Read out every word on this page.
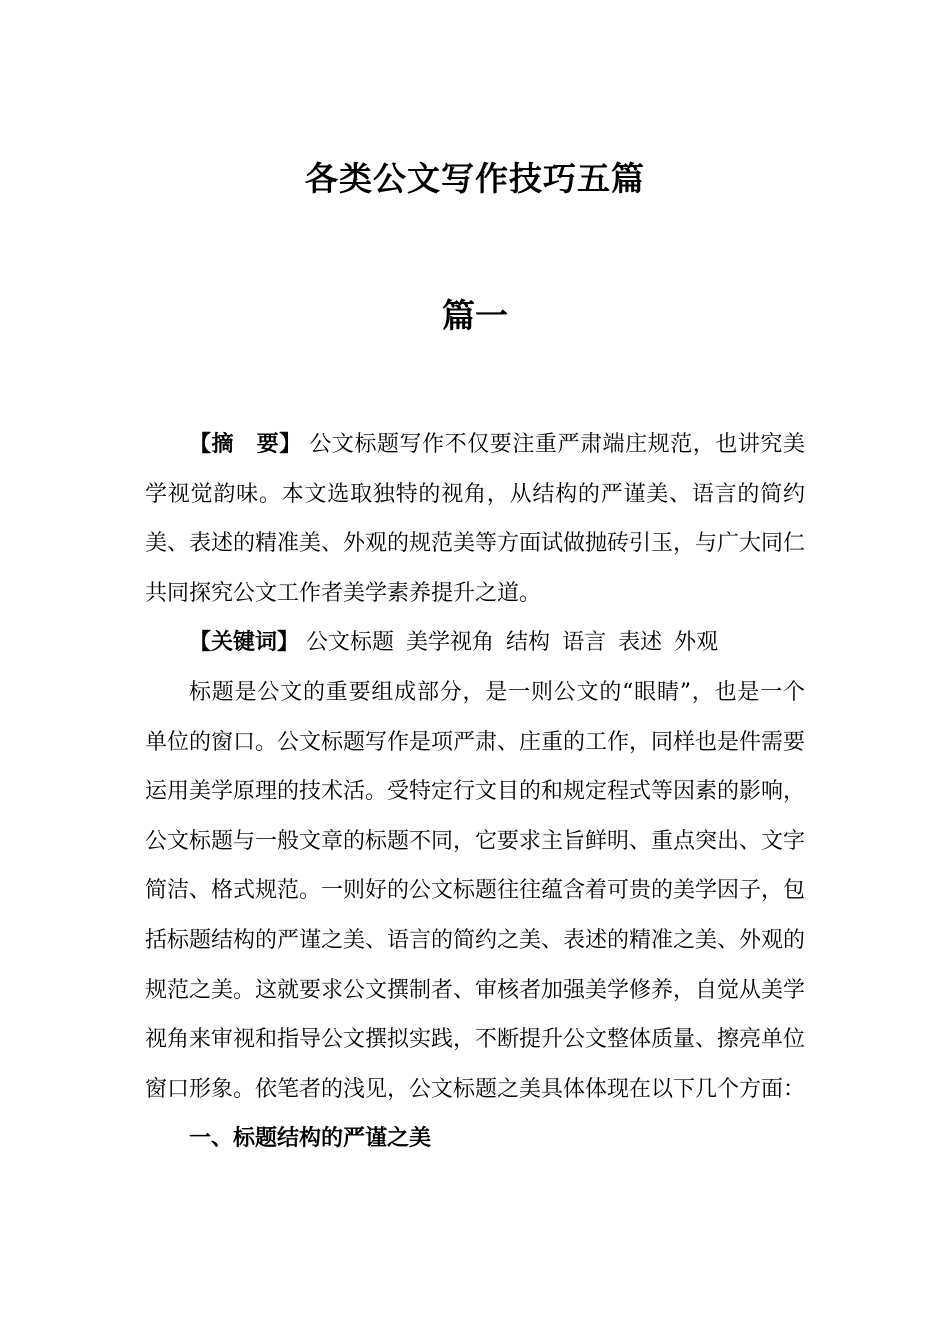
各类公文写作技巧五篇
篇一

【摘　要】 公文标题写作不仅要注重严肃端庄规范，也讲究美学视觉韵味。本文选取独特的视角，从结构的严谨美、语言的简约美、表述的精准美、外观的规范美等方面试做抛砖引玉，与广大同仁共同探究公文工作者美学素养提升之道。

【关键词】 公文标题 美学视角 结构 语言 表述 外观

标题是公文的重要组成部分，是一则公文的“眼睛”，也是一个单位的窗口。公文标题写作是项严肃、庄重的工作，同样也是件需要运用美学原理的技术活。受特定行文目的和规定程式等因素的影响，公文标题与一般文章的标题不同，它要求主旨鲜明、重点突出、文字简洁、格式规范。一则好的公文标题往往蕴含着可贵的美学因子，包括标题结构的严谨之美、语言的简约之美、表述的精准之美、外观的规范之美。这就要求公文撰制者、审核者加强美学修养，自觉从美学视角来审视和指导公文撰拟实践，不断提升公文整体质量、擦亮单位窗口形象。依笔者的浅见，公文标题之美具体体现在以下几个方面：

一、标题结构的严谨之美
